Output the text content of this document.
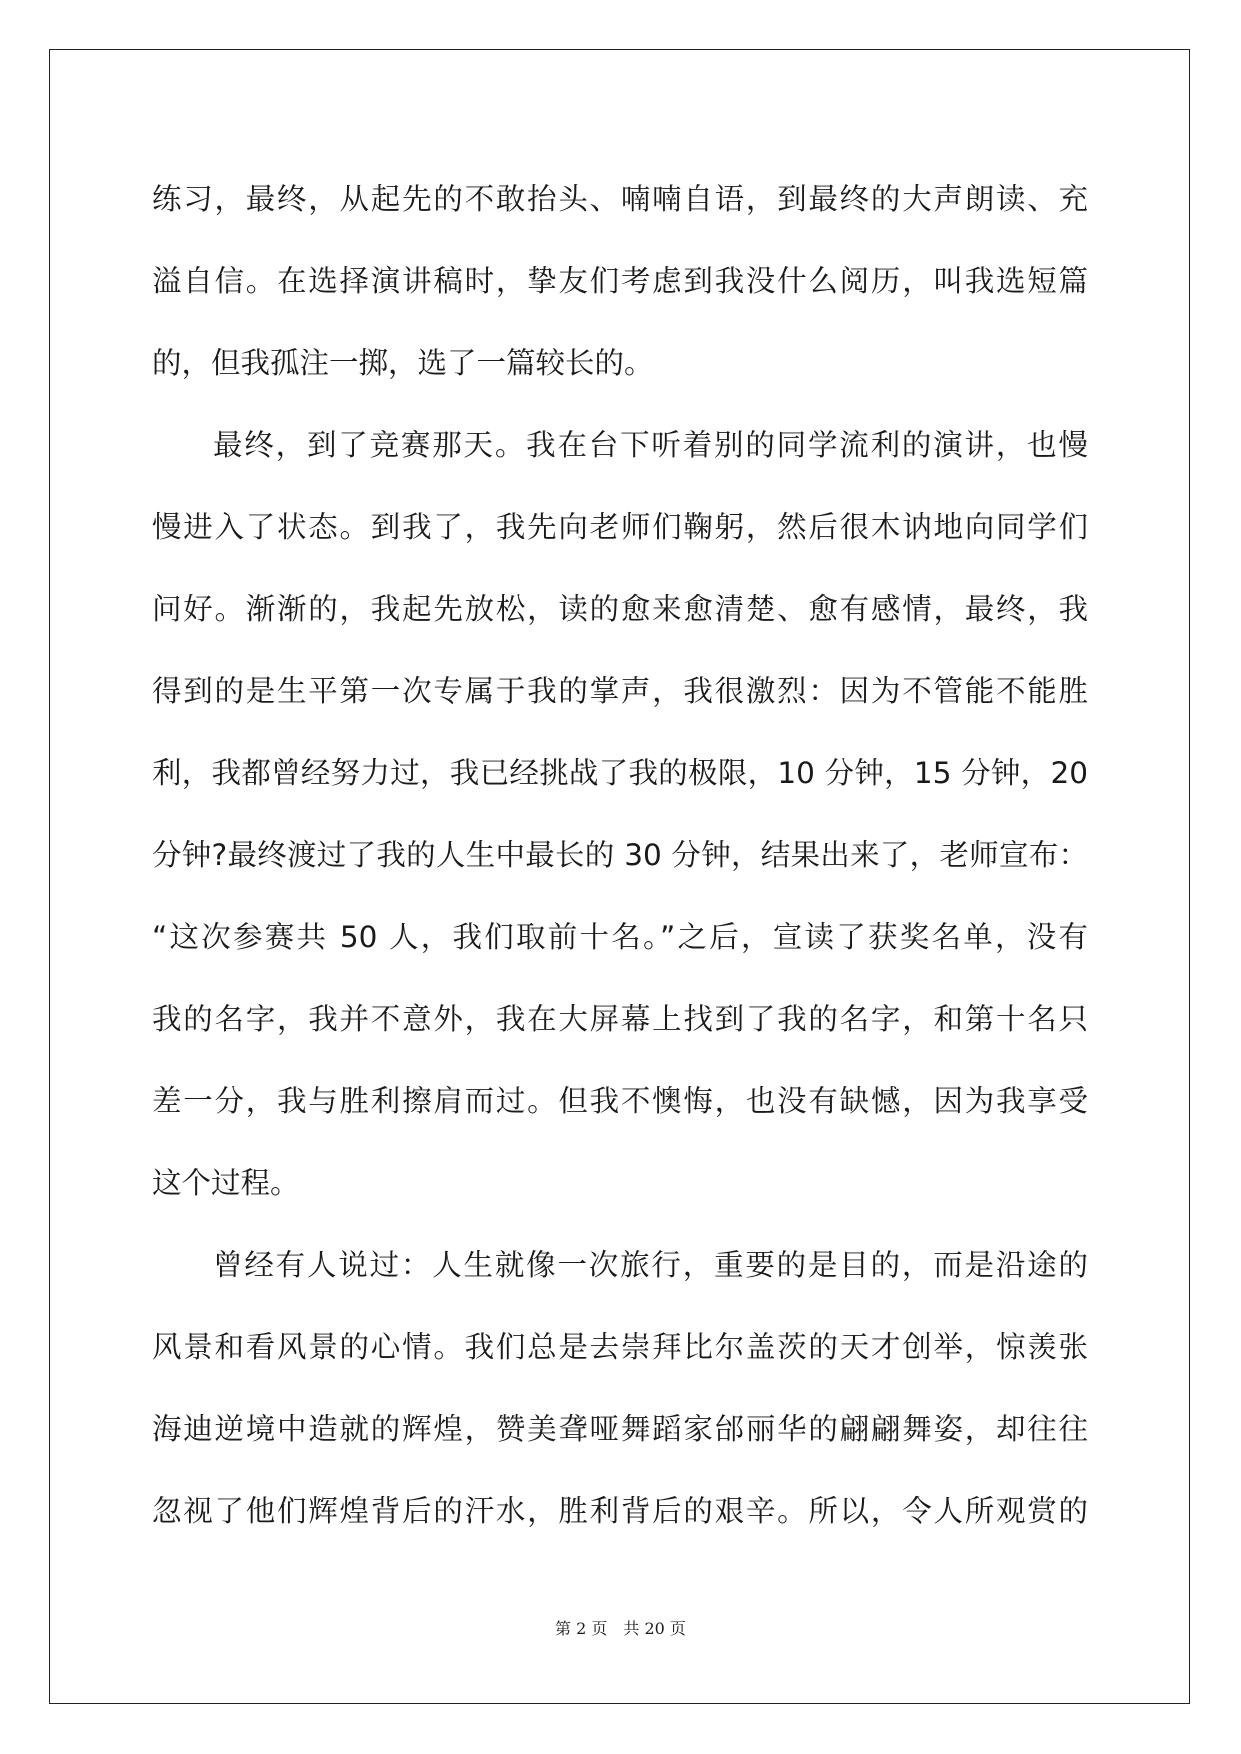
练习，最终，从起先的不敢抬头、喃喃自语，到最终的大声朗读、充
溢自信。在选择演讲稿时，挚友们考虑到我没什么阅历，叫我选短篇
的，但我孤注一掷，选了一篇较长的。
最终，到了竞赛那天。我在台下听着别的同学流利的演讲，也慢
慢进入了状态。到我了，我先向老师们鞠躬，然后很木讷地向同学们
问好。渐渐的，我起先放松，读的愈来愈清楚、愈有感情，最终，我
得到的是生平第一次专属于我的掌声，我很激烈：因为不管能不能胜
利，我都曾经努力过，我已经挑战了我的极限，10 分钟，15 分钟，20
分钟?最终渡过了我的人生中最长的 30 分钟，结果出来了，老师宣布：
“这次参赛共 50 人，我们取前十名。”之后，宣读了获奖名单，没有
我的名字，我并不意外，我在大屏幕上找到了我的名字，和第十名只
差一分，我与胜利擦肩而过。但我不懊悔，也没有缺憾，因为我享受
这个过程。
曾经有人说过：人生就像一次旅行，重要的是目的，而是沿途的
风景和看风景的心情。我们总是去崇拜比尔盖茨的天才创举，惊羡张
海迪逆境中造就的辉煌，赞美聋哑舞蹈家邰丽华的翩翩舞姿，却往往
忽视了他们辉煌背后的汗水，胜利背后的艰辛。所以，令人所观赏的
第 2 页　共 20 页
